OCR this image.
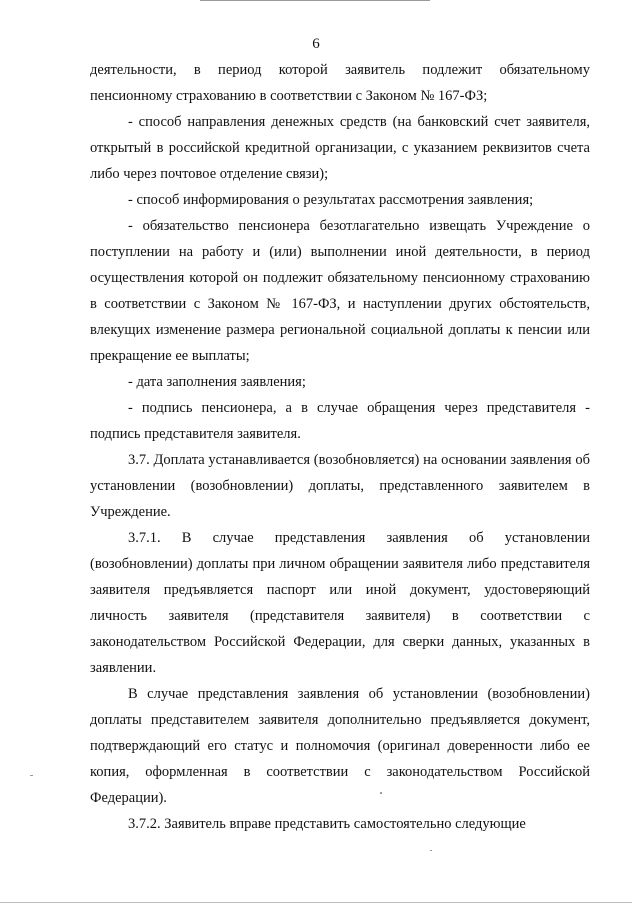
6

деятельности, в период которой заявитель подлежит обязательному пенсионному страхованию в соответствии с Законом № 167-ФЗ;

- способ направления денежных средств (на банковский счет заявителя, открытый в российской кредитной организации, с указанием реквизитов счета либо через почтовое отделение связи);

- способ информирования о результатах рассмотрения заявления;

- обязательство пенсионера безотлагательно извещать Учреждение о поступлении на работу и (или) выполнении иной деятельности, в период осуществления которой он подлежит обязательному пенсионному страхованию в соответствии с Законом № 167-ФЗ, и наступлении других обстоятельств, влекущих изменение размера региональной социальной доплаты к пенсии или прекращение ее выплаты;

- дата заполнения заявления;

- подпись пенсионера, а в случае обращения через представителя - подпись представителя заявителя.

3.7. Доплата устанавливается (возобновляется) на основании заявления об установлении (возобновлении) доплаты, представленного заявителем в Учреждение.

3.7.1. В случае представления заявления об установлении (возобновлении) доплаты при личном обращении заявителя либо представителя заявителя предъявляется паспорт или иной документ, удостоверяющий личность заявителя (представителя заявителя) в соответствии с законодательством Российской Федерации, для сверки данных, указанных в заявлении.

В случае представления заявления об установлении (возобновлении) доплаты представителем заявителя дополнительно предъявляется документ, подтверждающий его статус и полномочия (оригинал доверенности либо ее копия, оформленная в соответствии с законодательством Российской Федерации).

3.7.2. Заявитель вправе представить самостоятельно следующие
